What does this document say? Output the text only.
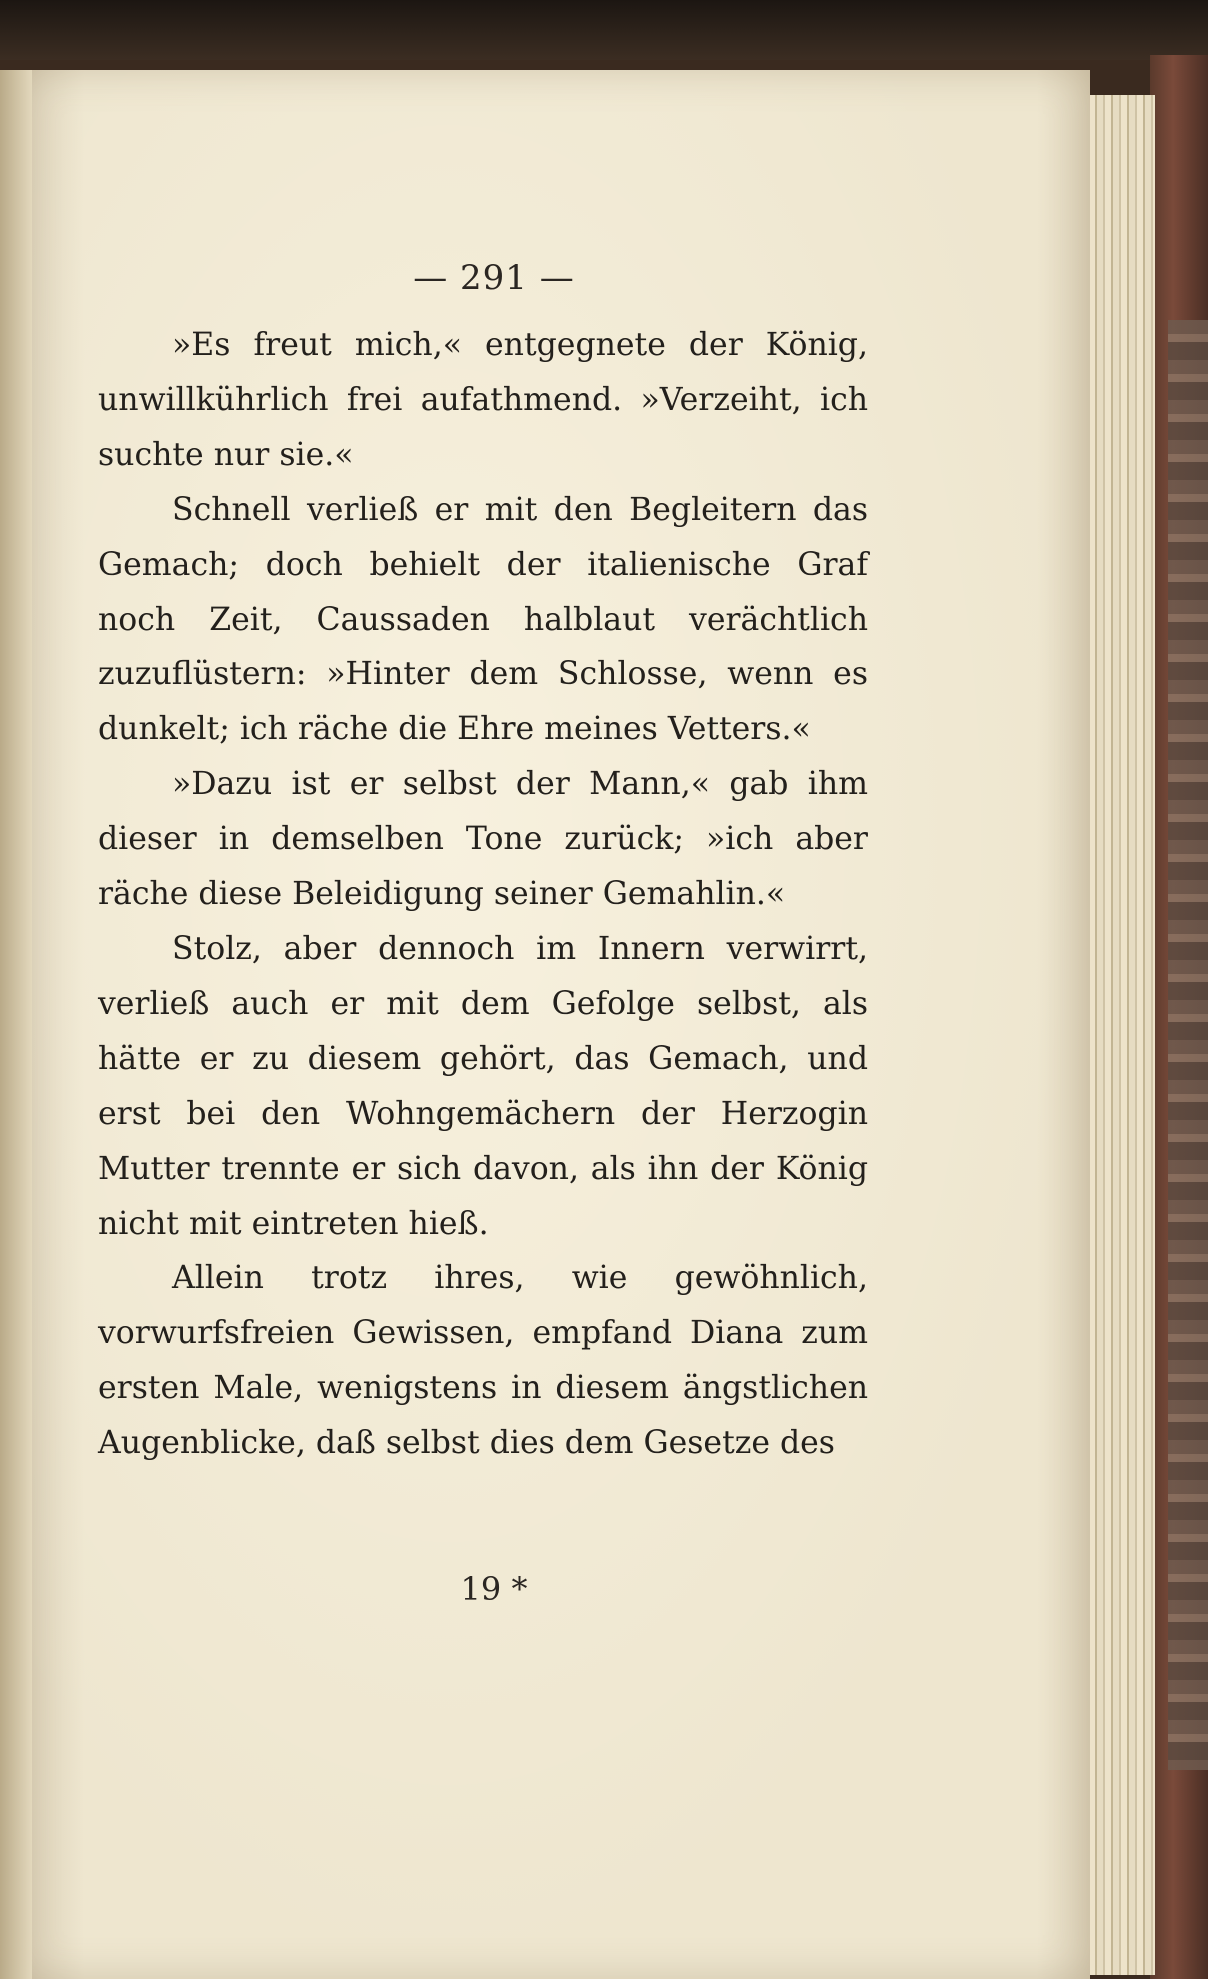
— 291 —

»Es freut mich,« entgegnete der König, unwillkührlich frei aufathmend. »Verzeiht, ich suchte nur sie.«

Schnell verließ er mit den Begleitern das Gemach; doch behielt der italienische Graf noch Zeit, Caussaden halblaut verächtlich zuzuflüstern: »Hinter dem Schlosse, wenn es dunkelt; ich räche die Ehre meines Vetters.«

»Dazu ist er selbst der Mann,« gab ihm dieser in demselben Tone zurück; »ich aber räche diese Beleidigung seiner Gemahlin.«

Stolz, aber dennoch im Innern verwirrt, verließ auch er mit dem Gefolge selbst, als hätte er zu diesem gehört, das Gemach, und erst bei den Wohngemächern der Herzogin Mutter trennte er sich davon, als ihn der König nicht mit eintreten hieß.

Allein trotz ihres, wie gewöhnlich, vorwurfsfreien Gewissen, empfand Diana zum ersten Male, wenigstens in diesem ängstlichen Augenblicke, daß selbst dies dem Gesetze des

19 *
